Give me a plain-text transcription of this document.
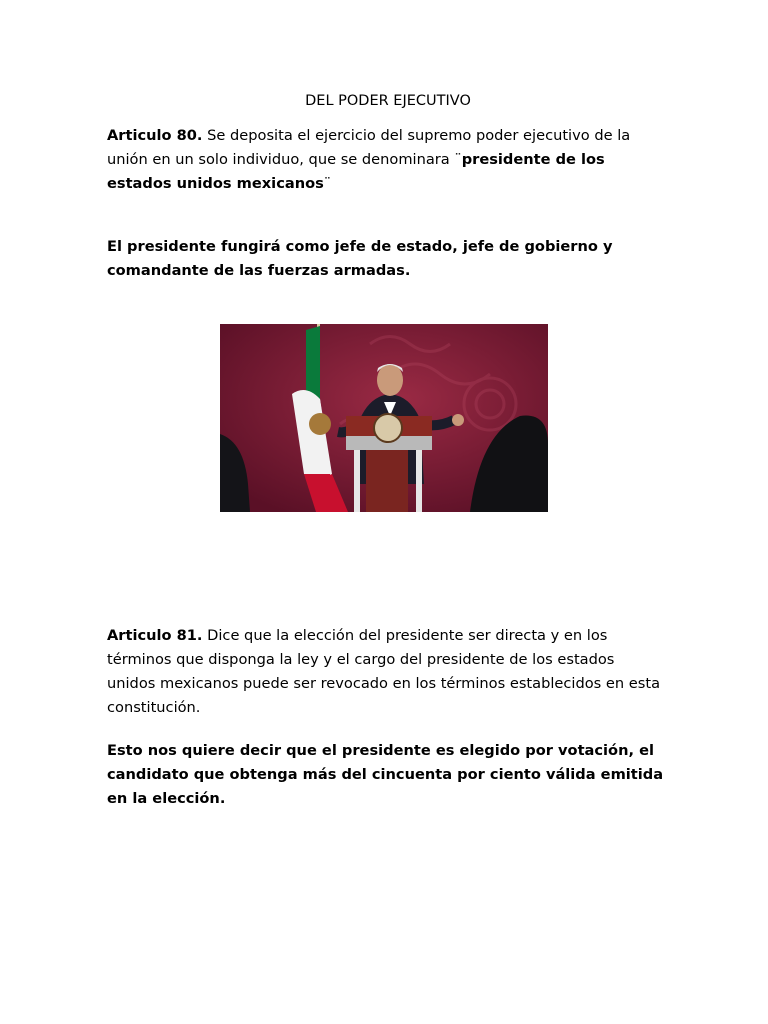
DEL PODER EJECUTIVO

Articulo 80. Se deposita el ejercicio del supremo poder ejecutivo de la unión en un solo individuo, que se denominara ¨presidente de los estados unidos mexicanos¨

El presidente fungirá como jefe de estado, jefe de gobierno y comandante de las fuerzas armadas.

Articulo 81. Dice que la elección del presidente ser directa y en los términos que disponga la ley y el cargo del presidente de los estados unidos mexicanos puede ser revocado en los términos establecidos en esta constitución.

Esto nos quiere decir que el presidente es elegido por votación, el candidato que obtenga más del cincuenta por ciento válida emitida en la elección.
